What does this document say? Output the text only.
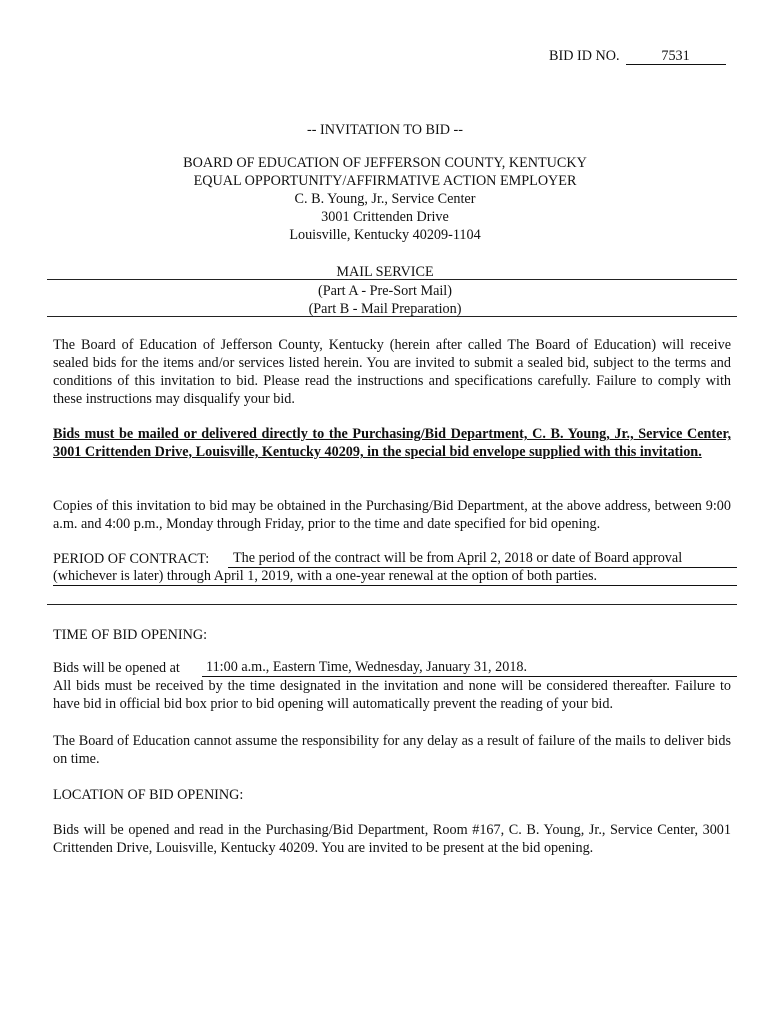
BID ID NO.	7531
-- INVITATION TO BID --
BOARD OF EDUCATION OF JEFFERSON COUNTY, KENTUCKY
EQUAL OPPORTUNITY/AFFIRMATIVE ACTION EMPLOYER
C. B. Young, Jr., Service Center
3001 Crittenden Drive
Louisville, Kentucky 40209-1104
MAIL SERVICE
(Part A - Pre-Sort Mail)
(Part B - Mail Preparation)
The Board of Education of Jefferson County, Kentucky (herein after called The Board of Education) will receive sealed bids for the items and/or services listed herein. You are invited to submit a sealed bid, subject to the terms and conditions of this invitation to bid. Please read the instructions and specifications carefully. Failure to comply with these instructions may disqualify your bid.
Bids must be mailed or delivered directly to the Purchasing/Bid Department, C. B. Young, Jr., Service Center, 3001 Crittenden Drive, Louisville, Kentucky 40209, in the special bid envelope supplied with this invitation.
Copies of this invitation to bid may be obtained in the Purchasing/Bid Department, at the above address, between 9:00 a.m. and 4:00 p.m., Monday through Friday, prior to the time and date specified for bid opening.
PERIOD OF CONTRACT:	The period of the contract will be from April 2, 2018 or date of Board approval
(whichever is later) through April 1, 2019, with a one-year renewal at the option of both parties.
TIME OF BID OPENING:
Bids will be opened at 11:00 a.m., Eastern Time, Wednesday, January 31, 2018.
All bids must be received by the time designated in the invitation and none will be considered thereafter. Failure to have bid in official bid box prior to bid opening will automatically prevent the reading of your bid.
The Board of Education cannot assume the responsibility for any delay as a result of failure of the mails to deliver bids on time.
LOCATION OF BID OPENING:
Bids will be opened and read in the Purchasing/Bid Department, Room #167, C. B. Young, Jr., Service Center, 3001 Crittenden Drive, Louisville, Kentucky 40209. You are invited to be present at the bid opening.
